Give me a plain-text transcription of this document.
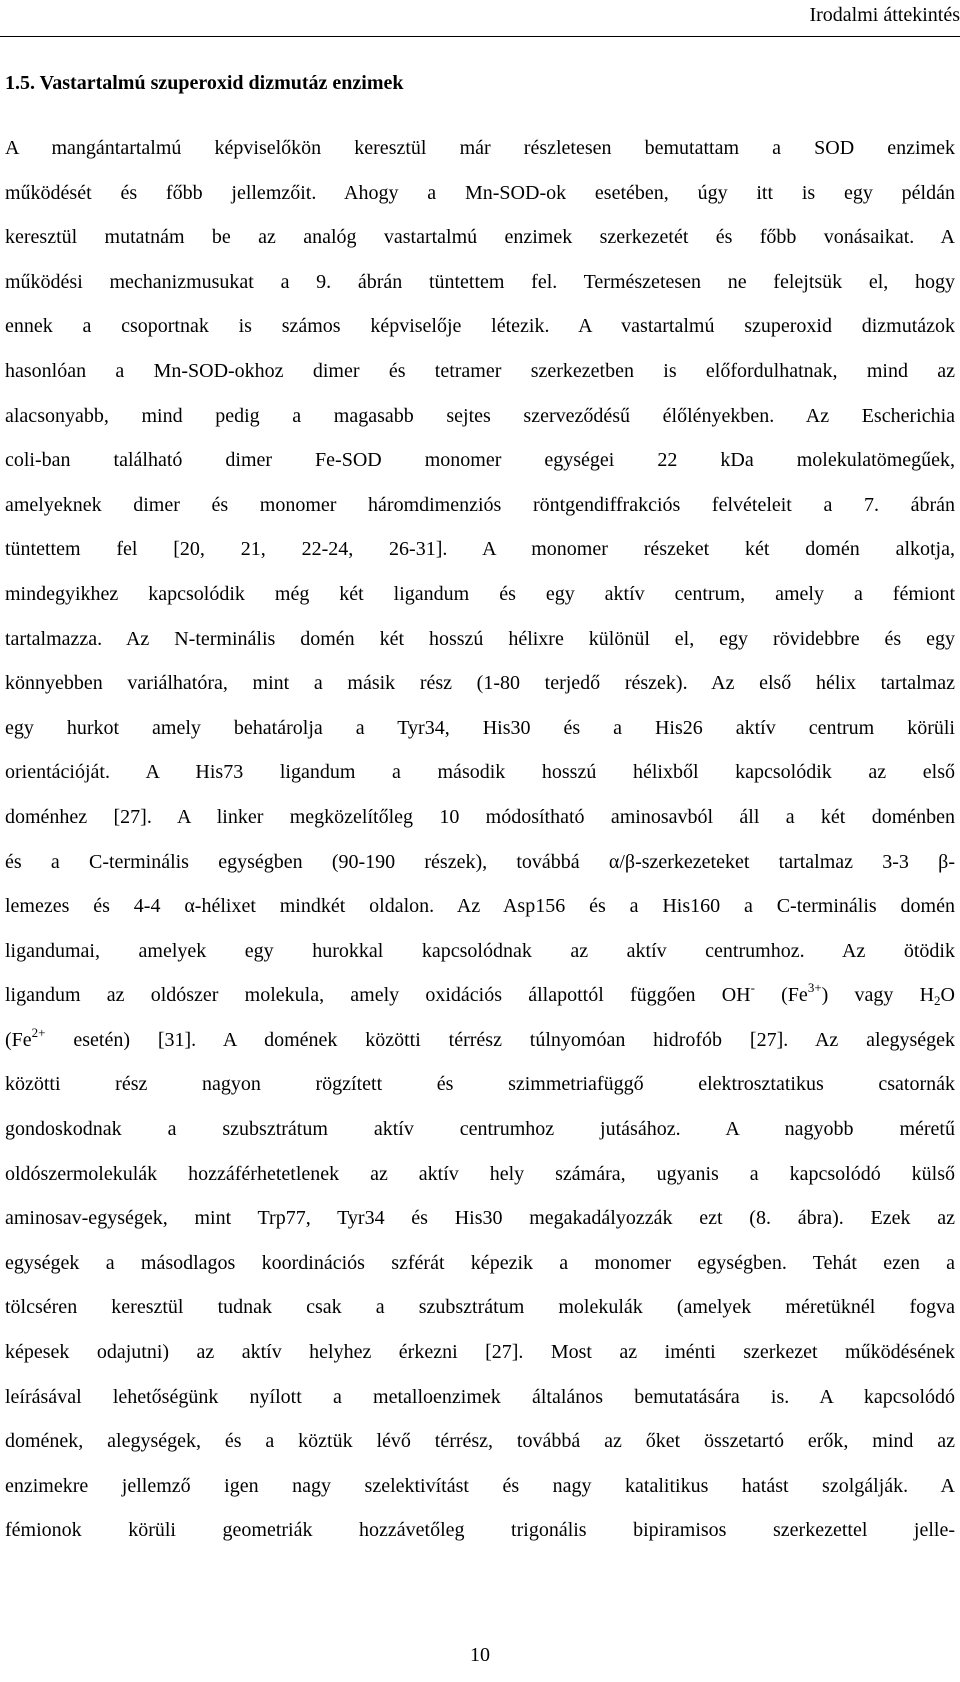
Irodalmi áttekintés
1.5. Vastartalmú szuperoxid dizmutáz enzimek
A mangántartalmú képviselőkön keresztül már részletesen bemutattam a SOD enzimek
működését és főbb jellemzőit. Ahogy a Mn-SOD-ok esetében, úgy itt is egy példán
keresztül mutatnám be az analóg vastartalmú enzimek szerkezetét és főbb vonásaikat. A
működési mechanizmusukat a 9. ábrán tüntettem fel. Természetesen ne felejtsük el, hogy
ennek a csoportnak is számos képviselője létezik. A vastartalmú szuperoxid dizmutázok
hasonlóan a Mn-SOD-okhoz dimer és tetramer szerkezetben is előfordulhatnak, mind az
alacsonyabb, mind pedig a magasabb sejtes szerveződésű élőlényekben. Az Escherichia
coli-ban található dimer Fe-SOD monomer egységei 22 kDa molekulatömegűek,
amelyeknek dimer és monomer háromdimenziós röntgendiffrakciós felvételeit a 7. ábrán
tüntettem fel [20, 21, 22-24, 26-31]. A monomer részeket két domén alkotja,
mindegyikhez kapcsolódik még két ligandum és egy aktív centrum, amely a fémiont
tartalmazza. Az N-terminális domén két hosszú hélixre különül el, egy rövidebbre és egy
könnyebben variálhatóra, mint a másik rész (1-80 terjedő részek). Az első hélix tartalmaz
egy hurkot amely behatárolja a Tyr34, His30 és a His26 aktív centrum körüli
orientációját. A His73 ligandum a második hosszú hélixből kapcsolódik az első
doménhez [27]. A linker megközelítőleg 10 módosítható aminosavból áll a két doménben
és a C-terminális egységben (90-190 részek), továbbá α/β-szerkezeteket tartalmaz 3-3 β-
lemezes és 4-4 α-hélixet mindkét oldalon. Az Asp156 és a His160 a C-terminális domén
ligandumai, amelyek egy hurokkal kapcsolódnak az aktív centrumhoz. Az ötödik
ligandum az oldószer molekula, amely oxidációs állapottól függően OH- $(Fe^{3+})$ vagy $H_2O$
($Fe^{2+}$ esetén) [31]. A domének közötti térrész túlnyomóan hidrofób [27]. Az alegységek
közötti rész nagyon rögzített és szimmetriafüggő elektrosztatikus csatornák
gondoskodnak a szubsztrátum aktív centrumhoz jutásához. A nagyobb méretű
oldószermolekulák hozzáférhetetlenek az aktív hely számára, ugyanis a kapcsolódó külső
aminosav-egységek, mint Trp77, Tyr34 és His30 megakadályozzák ezt (8. ábra). Ezek az
egységek a másodlagos koordinációs szférát képezik a monomer egységben. Tehát ezen a
tölcséren keresztül tudnak csak a szubsztrátum molekulák (amelyek méretüknél fogva
képesek odajutni) az aktív helyhez érkezni [27]. Most az iménti szerkezet működésének
leírásával lehetőségünk nyílott a metalloenzimek általános bemutatására is. A kapcsolódó
domének, alegységek, és a köztük lévő térrész, továbbá az őket összetartó erők, mind az
enzimekre jellemző igen nagy szelektivítást és nagy katalitikus hatást szolgálják. A
fémionok körüli geometriák hozzávetőleg trigonális bipiramisos szerkezettel jelle-
10
